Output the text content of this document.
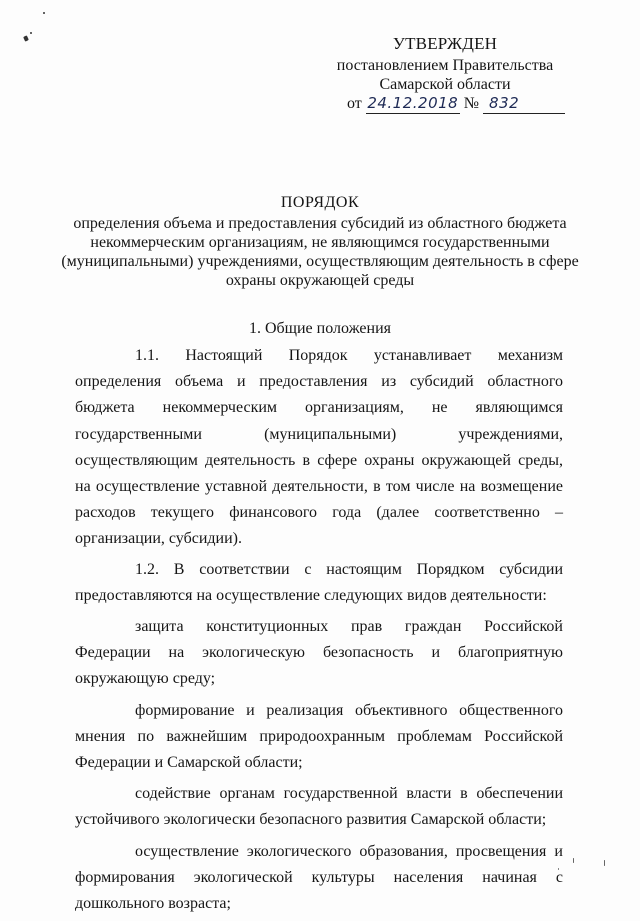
УТВЕРЖДЕН
постановлением Правительства
Самарской области
от 24.12.2018 № 832
ПОРЯДОК
определения объема и предоставления субсидий из областного бюджета
некоммерческим организациям, не являющимся государственными
(муниципальными) учреждениями, осуществляющим деятельность в сфере
охраны окружающей среды
1. Общие положения

1.1. Настоящий Порядок устанавливает механизм определения объема и предоставления из субсидий областного бюджета некоммерческим организациям, не являющимся государственными (муниципальными) учреждениями, осуществляющим деятельность в сфере охраны окружающей среды, на осуществление уставной деятельности, в том числе на возмещение расходов текущего финансового года (далее соответственно – организации, субсидии).

1.2. В соответствии с настоящим Порядком субсидии предоставляются на осуществление следующих видов деятельности:

защита конституционных прав граждан Российской Федерации на экологическую безопасность и благоприятную окружающую среду;

формирование и реализация объективного общественного мнения по важнейшим природоохранным проблемам Российской Федерации и Самарской области;

содействие органам государственной власти в обеспечении устойчивого экологически безопасного развития Самарской области;

осуществление экологического образования, просвещения и формирования экологической культуры населения начиная с дошкольного возраста;
